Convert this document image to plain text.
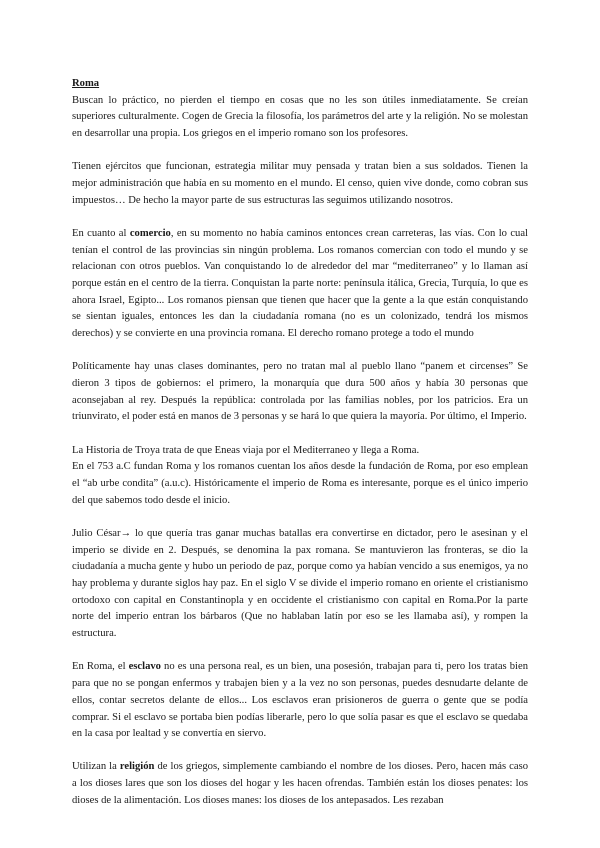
Roma

Buscan lo práctico, no pierden el tiempo en cosas que no les son útiles inmediatamente. Se creían superiores culturalmente. Cogen de Grecia la filosofía, los parámetros del arte y la religión. No se molestan en desarrollar una propia. Los griegos en el imperio romano son los profesores.

Tienen ejércitos que funcionan, estrategia militar muy pensada y tratan bien a sus soldados. Tienen la mejor administración que había en su momento en el mundo. El censo, quien vive donde, como cobran sus impuestos… De hecho la mayor parte de sus estructuras las seguimos utilizando nosotros.

En cuanto al comercio, en su momento no había caminos entonces crean carreteras, las vías. Con lo cual tenían el control de las provincias sin ningún problema. Los romanos comercian con todo el mundo y se relacionan con otros pueblos. Van conquistando lo de alrededor del mar “mediterraneo” y lo llaman así porque están en el centro de la tierra. Conquistan la parte norte: península itálica, Grecia, Turquía, lo que es ahora Israel, Egipto... Los romanos piensan que tienen que hacer que la gente a la que están conquistando se sientan iguales, entonces les dan la ciudadanía romana (no es un colonizado, tendrá los mismos derechos) y se convierte en una provincia romana. El derecho romano protege a todo el mundo

Políticamente hay unas clases dominantes, pero no tratan mal al pueblo llano “panem et circenses” Se dieron 3 tipos de gobiernos: el primero, la monarquía que dura 500 años y había 30 personas que aconsejaban al rey. Después la república: controlada por las familias nobles, por los patricios. Era un triunvirato, el poder está en manos de 3 personas y se hará lo que quiera la mayoría. Por último, el Imperio.

La Historia de Troya trata de que Eneas viaja por el Mediterraneo y llega a Roma.

En el 753 a.C fundan Roma y los romanos cuentan los años desde la fundación de Roma, por eso emplean el “ab urbe condita” (a.u.c). Históricamente el imperio de Roma es interesante, porque es el único imperio del que sabemos todo desde el inicio.

Julio César→ lo que quería tras ganar muchas batallas era convertirse en dictador, pero le asesinan y el imperio se divide en 2. Después, se denomina la pax romana. Se mantuvieron las fronteras, se dio la ciudadanía a mucha gente y hubo un periodo de paz, porque como ya habían vencido a sus enemigos, ya no hay problema y durante siglos hay paz. En el siglo V se divide el imperio romano en oriente el cristianismo ortodoxo con capital en Constantinopla y en occidente el cristianismo con capital en Roma.Por la parte norte del imperio entran los bárbaros (Que no hablaban latín por eso se les llamaba así), y rompen la estructura.

En Roma, el esclavo no es una persona real, es un bien, una posesión, trabajan para ti, pero los tratas bien para que no se pongan enfermos y trabajen bien y a la vez no son personas, puedes desnudarte delante de ellos, contar secretos delante de ellos... Los esclavos eran prisioneros de guerra o gente que se podía comprar. Si el esclavo se portaba bien podías liberarle, pero lo que solía pasar es que el esclavo se quedaba en la casa por lealtad y se convertía en siervo.

Utilizan la religión de los griegos, simplemente cambiando el nombre de los dioses. Pero, hacen más caso a los dioses lares que son los dioses del hogar y les hacen ofrendas. También están los dioses penates: los dioses de la alimentación. Los dioses manes: los dioses de los antepasados. Les rezaban
